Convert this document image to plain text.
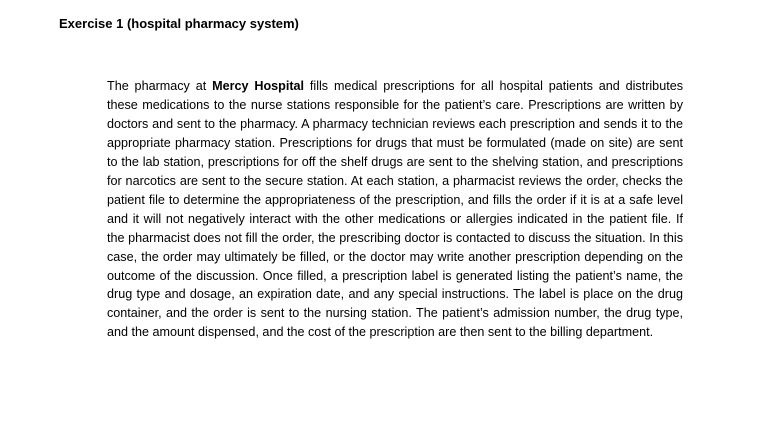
Exercise 1 (hospital pharmacy system)

The pharmacy at Mercy Hospital fills medical prescriptions for all hospital patients and distributes these medications to the nurse stations responsible for the patient’s care. Prescriptions are written by doctors and sent to the pharmacy. A pharmacy technician reviews each prescription and sends it to the appropriate pharmacy station. Prescriptions for drugs that must be formulated (made on site) are sent to the lab station, prescriptions for off the shelf drugs are sent to the shelving station, and prescriptions for narcotics are sent to the secure station. At each station, a pharmacist reviews the order, checks the patient file to determine the appropriateness of the prescription, and fills the order if it is at a safe level and it will not negatively interact with the other medications or allergies indicated in the patient file. If the pharmacist does not fill the order, the prescribing doctor is contacted to discuss the situation. In this case, the order may ultimately be filled, or the doctor may write another prescription depending on the outcome of the discussion. Once filled, a prescription label is generated listing the patient’s name, the drug type and dosage, an expiration date, and any special instructions. The label is place on the drug container, and the order is sent to the nursing station. The patient’s admission number, the drug type, and the amount dispensed, and the cost of the prescription are then sent to the billing department.
